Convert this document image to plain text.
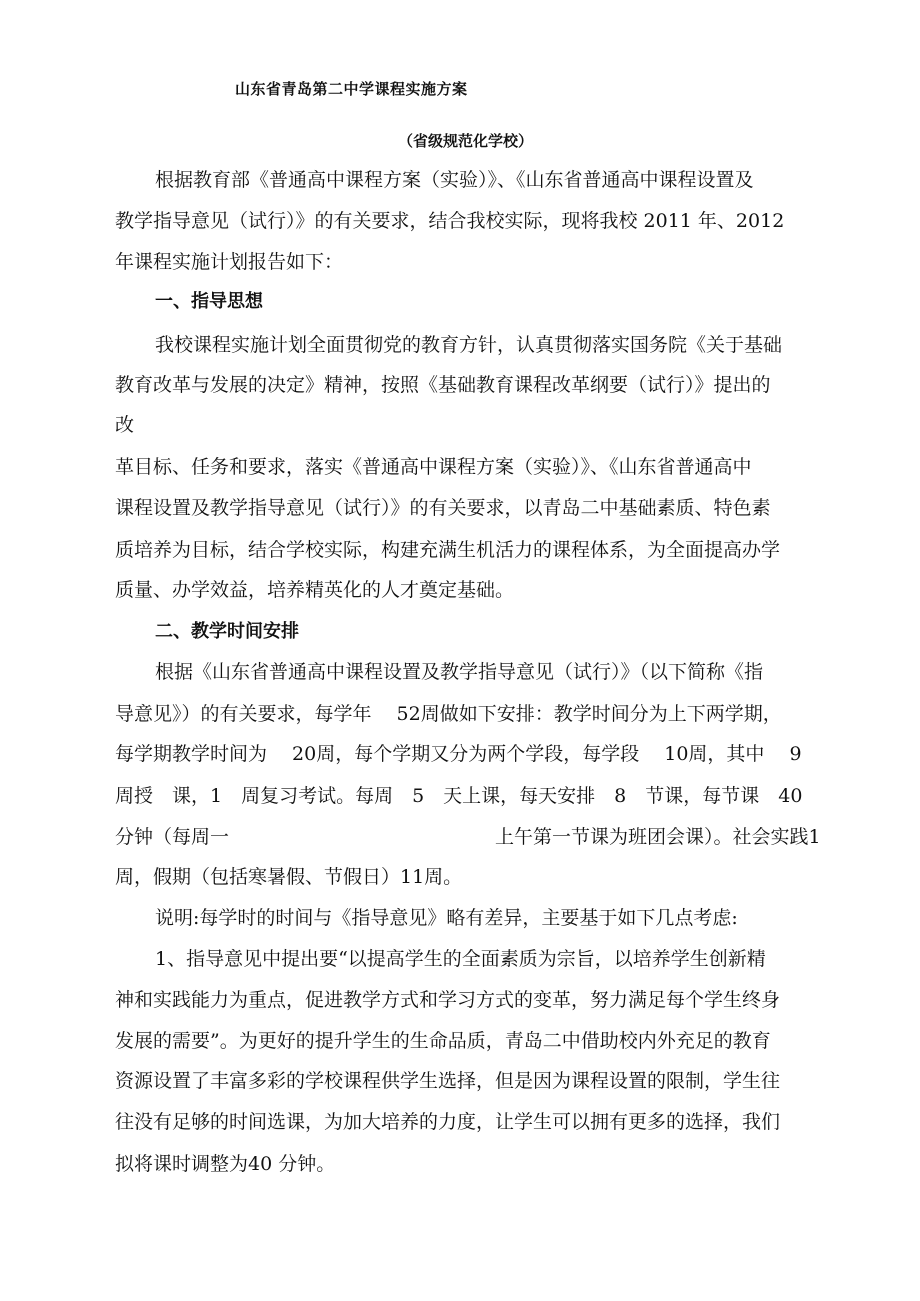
山东省青岛第二中学课程实施方案
（省级规范化学校）
根据教育部《普通高中课程方案（实验）》、《山东省普通高中课程设置及
教学指导意见（试行）》的有关要求，结合我校实际，现将我校 2011 年、2012
年课程实施计划报告如下：
一、指导思想
我校课程实施计划全面贯彻党的教育方针，认真贯彻落实国务院《关于基础
教育改革与发展的决定》精神，按照《基础教育课程改革纲要（试行）》提出的
改
革目标、任务和要求，落实《普通高中课程方案（实验）》、《山东省普通高中
课程设置及教学指导意见（试行）》的有关要求，以青岛二中基础素质、特色素
质培养为目标，结合学校实际，构建充满生机活力的课程体系，为全面提高办学
质量、办学效益，培养精英化的人才奠定基础。
二、教学时间安排
根据《山东省普通高中课程设置及教学指导意见（试行）》（以下简称《指
导意见》）的有关要求，每学年　 52周做如下安排：教学时间分为上下两学期，
每学期教学时间为　 20周，每个学期又分为两个学段，每学段　 10周，其中　 9
周授　课，1　周复习考试。每周　5　天上课，每天安排　8　节课，每节课　40
分钟（每周一　　　　　　　　　　　　　　上午第一节课为班团会课）。社会实践1
周，假期（包括寒暑假、节假日）11周。
说明:每学时的时间与《指导意见》略有差异，主要基于如下几点考虑:
1、指导意见中提出要“以提高学生的全面素质为宗旨，以培养学生创新精
神和实践能力为重点，促进教学方式和学习方式的变革，努力满足每个学生终身
发展的需要”。为更好的提升学生的生命品质，青岛二中借助校内外充足的教育
资源设置了丰富多彩的学校课程供学生选择，但是因为课程设置的限制，学生往
往没有足够的时间选课，为加大培养的力度，让学生可以拥有更多的选择，我们
拟将课时调整为40 分钟。
